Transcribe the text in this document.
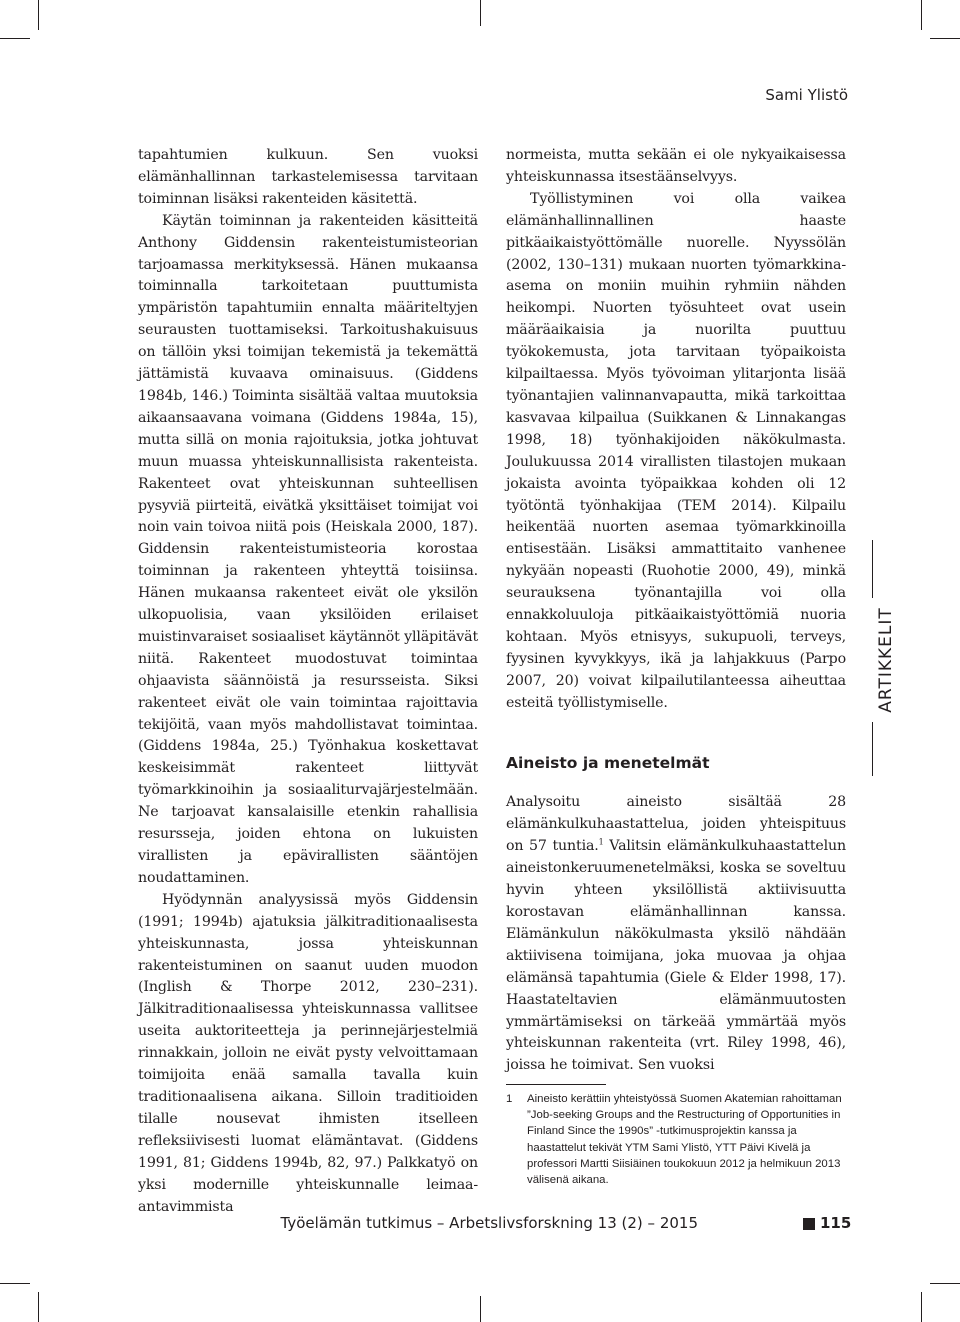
Sami Ylistö

tapahtumien kulkuun. Sen vuoksi elämänhallinnan tarkastelemisessa tarvitaan toiminnan lisäksi rakenteiden käsitettä.

Käytän toiminnan ja rakenteiden käsitteitä Anthony Giddensin rakenteistumisteorian tarjoamassa merkityksessä. Hänen mukaansa toiminnalla tarkoitetaan puuttumista ympäristön tapahtumiin ennalta määriteltyjen seurausten tuottamiseksi. Tarkoitushakuisuus on tällöin yksi toimijan tekemistä ja tekemättä jättämistä kuvaava ominaisuus. (Giddens 1984b, 146.) Toiminta sisältää valtaa muutoksia aikaansaavana voimana (Giddens 1984a, 15), mutta sillä on monia rajoituksia, jotka johtuvat muun muassa yhteiskunnallisista rakenteista. Rakenteet ovat yhteiskunnan suhteellisen pysyviä piirteitä, eivätkä yksittäiset toimijat voi noin vain toivoa niitä pois (Heiskala 2000, 187). Giddensin rakenteistumisteoria korostaa toiminnan ja rakenteen yhteyttä toisiinsa. Hänen mukaansa rakenteet eivät ole yksilön ulkopuolisia, vaan yksilöiden erilaiset muistinvaraiset sosiaaliset käytännöt ylläpitävät niitä. Rakenteet muodostuvat toimintaa ohjaavista säännöistä ja resursseista. Siksi rakenteet eivät ole vain toimintaa rajoittavia tekijöitä, vaan myös mahdollistavat toimintaa. (Giddens 1984a, 25.) Työnhakua koskettavat keskeisimmät rakenteet liittyvät työmarkkinoihin ja sosiaaliturvajärjestelmään. Ne tarjoavat kansalaisille etenkin rahallisia resursseja, joiden ehtona on lukuisten virallisten ja epävirallisten sääntöjen noudattaminen.

Hyödynnän analyysissä myös Giddensin (1991; 1994b) ajatuksia jälkitraditionaalisesta yhteiskunnasta, jossa yhteiskunnan rakenteistuminen on saanut uuden muodon (Inglish & Thorpe 2012, 230–231). Jälkitraditionaalisessa yhteiskunnassa vallitsee useita auktoriteetteja ja perinnejärjestelmiä rinnakkain, jolloin ne eivät pysty velvoittamaan toimijoita enää samalla tavalla kuin traditionaalisena aikana. Silloin traditioiden tilalle nousevat ihmisten itselleen refleksiivisesti luomat elämäntavat. (Giddens 1991, 81; Giddens 1994b, 82, 97.) Palkkatyö on yksi modernille yhteiskunnalle leimaa-antavimmista

normeista, mutta sekään ei ole nykyaikaisessa yhteiskunnassa itsestäänselvyys.

Työllistyminen voi olla vaikea elämänhallinnallinen haaste pitkäaikaistyöttömälle nuorelle. Nyyssölän (2002, 130–131) mukaan nuorten työmarkkina-asema on moniin muihin ryhmiin nähden heikompi. Nuorten työsuhteet ovat usein määräaikaisia ja nuorilta puuttuu työkokemusta, jota tarvitaan työpaikoista kilpailtaessa. Myös työvoiman ylitarjonta lisää työnantajien valinnanvapautta, mikä tarkoittaa kasvavaa kilpailua (Suikkanen & Linnakangas 1998, 18) työnhakijoiden näkökulmasta. Joulukuussa 2014 virallisten tilastojen mukaan jokaista avointa työpaikkaa kohden oli 12 työtöntä työnhakijaa (TEM 2014). Kilpailu heikentää nuorten asemaa työmarkkinoilla entisestään. Lisäksi ammattitaito vanhenee nykyään nopeasti (Ruohotie 2000, 49), minkä seurauksena työnantajilla voi olla ennakkoluuloja pitkäaikaistyöttömiä nuoria kohtaan. Myös etnisyys, sukupuoli, terveys, fyysinen kyvykkyys, ikä ja lahjakkuus (Parpo 2007, 20) voivat kilpailutilanteessa aiheuttaa esteitä työllistymiselle.

Aineisto ja menetelmät

Analysoitu aineisto sisältää 28 elämänkulkuhaastattelua, joiden yhteispituus on 57 tuntia.$^1$ Valitsin elämänkulkuhaastattelun aineistonkeruumenetelmäksi, koska se soveltuu hyvin yhteen yksilöllistä aktiivisuutta korostavan elämänhallinnan kanssa. Elämänkulun näkökulmasta yksilö nähdään aktiivisena toimijana, joka muovaa ja ohjaa elämänsä tapahtumia (Giele & Elder 1998, 17). Haastateltavien elämänmuutosten ymmärtämiseksi on tärkeää ymmärtää myös yhteiskunnan rakenteita (vrt. Riley 1998, 46), joissa he toimivat. Sen vuoksi

1 Aineisto kerättiin yhteistyössä Suomen Akatemian rahoittaman ”Job-seeking Groups and the Restructuring of Opportunities in Finland Since the 1990s” -tutkimusprojektin kanssa ja haastattelut tekivät YTM Sami Ylistö, YTT Päivi Kivelä ja professori Martti Siisiäinen toukokuun 2012 ja helmikuun 2013 välisenä aikana.
ARTIKKELIT
Työelämän tutkimus – Arbetslivsforskning 13 (2) – 2015	115
